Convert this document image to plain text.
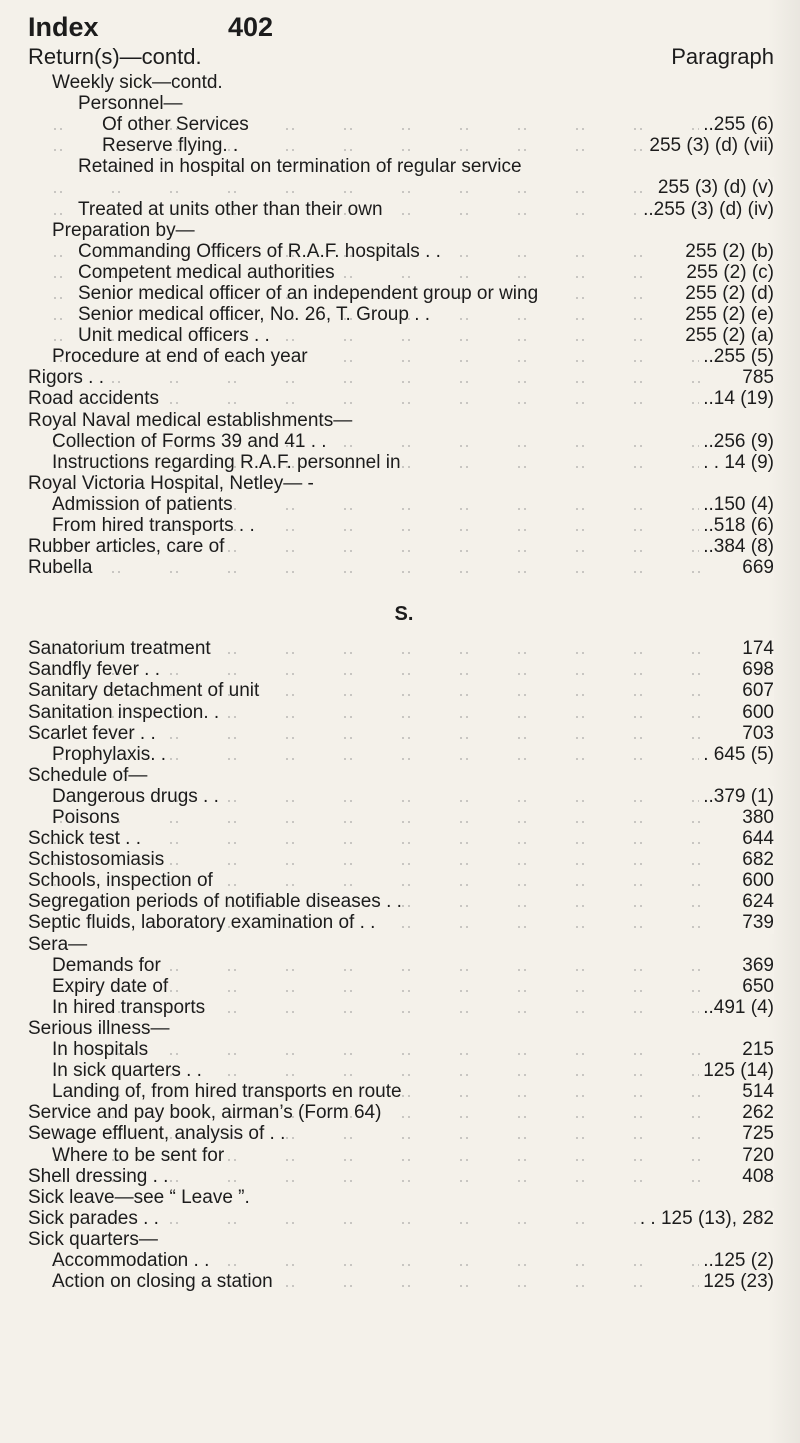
Index	402
Return(s)—contd.	Paragraph
Weekly sick—contd.
Personnel—
Of other Services	..255 (6)
Reserve flying. .	255 (3) (d) (vii)
Retained in hospital on termination of regular service
255 (3) (d) (v)
Treated at units other than their own	..255 (3) (d) (iv)
Preparation by—
Commanding Officers of R.A.F. hospitals . .	255 (2) (b)
Competent medical authorities	255 (2) (c)
Senior medical officer of an independent group or wing	255 (2) (d)
Senior medical officer, No. 26, T. Group . .	255 (2) (e)
Unit medical officers . .	255 (2) (a)
Procedure at end of each year	..255 (5)
Rigors . .	785
Road accidents	..14 (19)
Royal Naval medical establishments—
Collection of Forms 39 and 41 . .	..256 (9)
Instructions regarding R.A.F. personnel in	. . 14 (9)
Royal Victoria Hospital, Netley— -
Admission of patients	..150 (4)
From hired transports . .	..518 (6)
Rubber articles, care of	..384 (8)
Rubella	669
S.
Sanatorium treatment	174
Sandfly fever . .	698
Sanitary detachment of unit	607
Sanitation inspection. .	600
Scarlet fever . .	703
Prophylaxis. .	. 645 (5)
Schedule of—
Dangerous drugs . .	..379 (1)
Poisons	380
Schick test . .	644
Schistosomiasis	682
Schools, inspection of	600
Segregation periods of notifiable diseases . .	624
Septic fluids, laboratory examination of . .	739
Sera—
Demands for	369
Expiry date of	650
In hired transports	..491 (4)
Serious illness—
In hospitals	215
In sick quarters . .	125 (14)
Landing of, from hired transports en route	514
Service and pay book, airman’s (Form 64)	262
Sewage effluent, analysis of . .	725
Where to be sent for	720
Shell dressing . .	408
Sick leave—see “ Leave ”.
Sick parades . .	. . 125 (13), 282
Sick quarters—
Accommodation . .	..125 (2)
Action on closing a station	125 (23)
